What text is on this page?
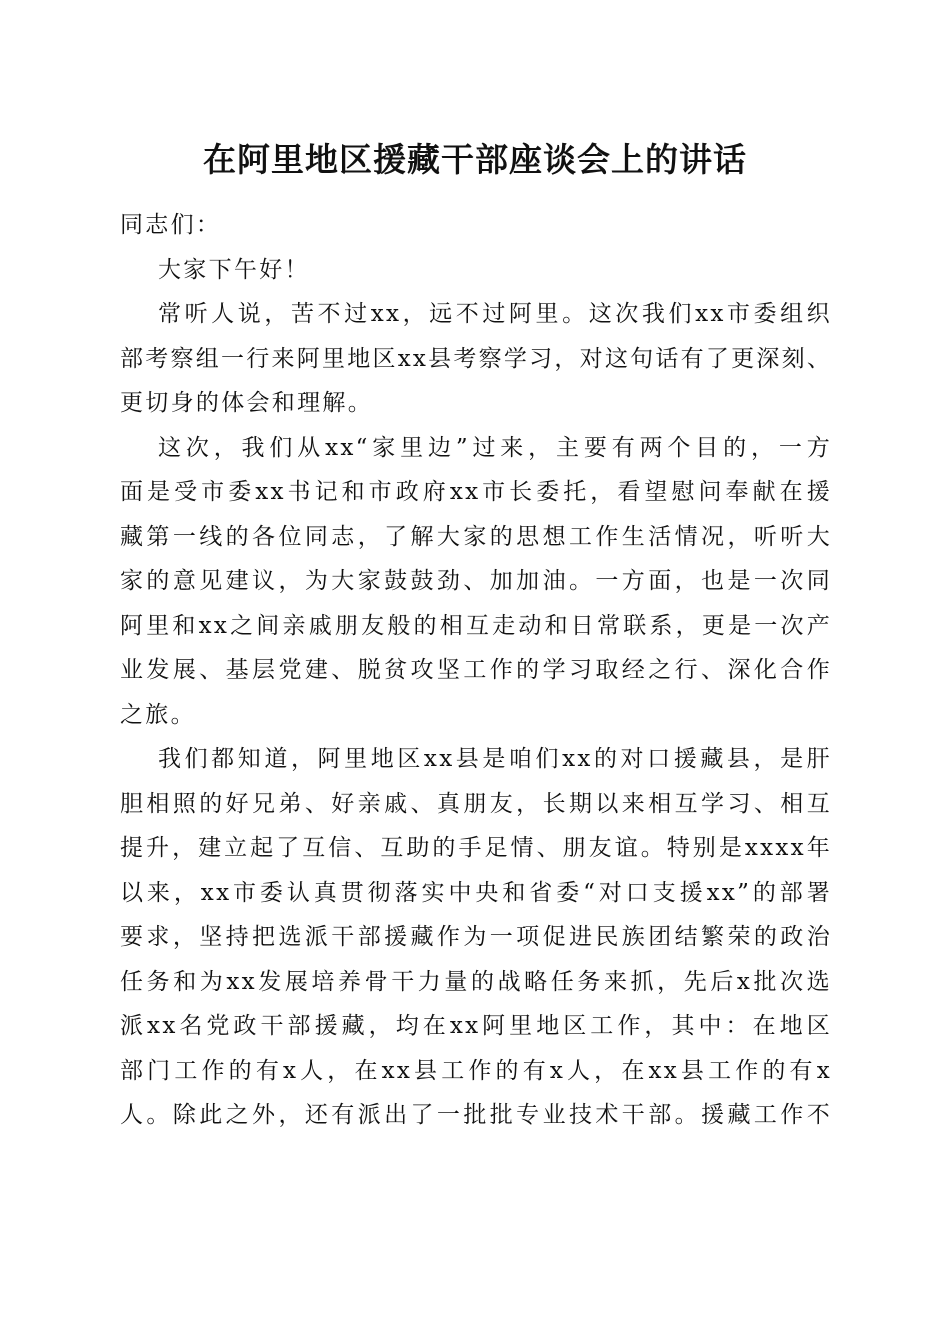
在阿里地区援藏干部座谈会上的讲话
同志们：
大家下午好！
常听人说，苦不过xx，远不过阿里。这次我们xx市委组织
部考察组一行来阿里地区xx县考察学习，对这句话有了更深刻、
更切身的体会和理解。
这次，我们从xx“家里边”过来，主要有两个目的，一方
面是受市委xx书记和市政府xx市长委托，看望慰问奉献在援
藏第一线的各位同志，了解大家的思想工作生活情况，听听大
家的意见建议，为大家鼓鼓劲、加加油。一方面，也是一次同
阿里和xx之间亲戚朋友般的相互走动和日常联系，更是一次产
业发展、基层党建、脱贫攻坚工作的学习取经之行、深化合作
之旅。
我们都知道，阿里地区xx县是咱们xx的对口援藏县，是肝
胆相照的好兄弟、好亲戚、真朋友，长期以来相互学习、相互
提升，建立起了互信、互助的手足情、朋友谊。特别是xxxx年
以来，xx市委认真贯彻落实中央和省委“对口支援xx”的部署
要求，坚持把选派干部援藏作为一项促进民族团结繁荣的政治
任务和为xx发展培养骨干力量的战略任务来抓，先后x批次选
派xx名党政干部援藏，均在xx阿里地区工作，其中：在地区
部门工作的有x人，在xx县工作的有x人，在xx县工作的有x
人。除此之外，还有派出了一批批专业技术干部。援藏工作不
